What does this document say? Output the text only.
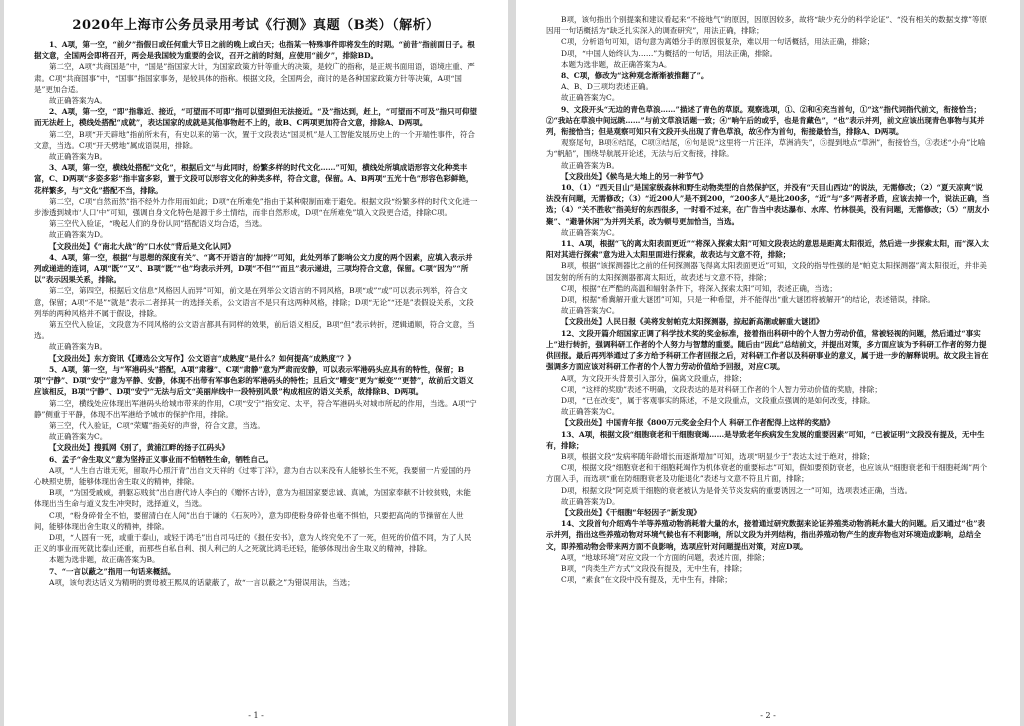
2020年上海市公务员录用考试《行测》真题（B类）（解析）

1、A项，第一空，“前夕”指假日或任何重大节日之前的晚上或白天；也指某一特殊事件即将发生的时期。“前昔”指前面日子。根据文意，全国两会即将召开，两会是我国较为重要的会议，召开之前的时刻，应使用“前夕”，排除BD。

第二空，A项“共商国是”中，“国是”指国家大计，为国家政策方针等重大的决策，是较广的指称，是正规书面用语，语境庄重、严肃。C项“共商国事”中，“国事”指国家事务，是较具体的指称。根据文段，全国两会，商讨的是各种国家政策方针等决策，A项“国是”更加合适。

故正确答案为A。

2、A项，第一空，“即”指靠近、接近，“可望而不可即”指可以望到但无法接近。“及”指达到，赶上，“可望而不可及”指只可仰望而无法赶上，模线处搭配“成就”，表达国家的成就是其他事物赶不上的，故B、C两项更加符合文意，排除A、D两项。

第二空，B项“开天辟地”指前所未有，有史以来的第一次，置于文段表达“国灵机”是人工智能发展历史上的一个开端性事件，符合文意，当选。C项“开天劈地”属成语误用，排除。

故正确答案为B。

3、A项，第一空，横线处搭配“文化”，根据后文“与此同时，纷繁多样的时代文化……”可知，横线处所填成语形容文化种类丰富，C、D两项“多姿多彩”指丰富多彩，置于文段可以形容文化的种类多样，符合文意，保留。A、B两项“五光十色”形容色彩鲜艳，花样繁多，与“文化”搭配不当，排除。

第二空，C项“自然而然”指不经外力作用而如此；D项“在所难免”指由于某种限制而难于避免。根据文段“纷繁多样的时代文化进一步渗透到城市‘人口’中”可知，强调自身文化特色是源于乡土情结，而非自然形成，D项“在所难免”填入文段更合适，排除C项。

第三空代入验证，“晚起人们的身份认同”搭配语义均合适，当选。

故正确答案为D。

【文段出处】《“南北大战”的“口水仗”背后是文化认同》

4、A项，第一空，根据“与思想的深度有关”、“离不开语言的‘加持’”可知，此处列举了影响公文力度的两个因素，应填入表示并列或递进的连词，A项“既”“又”、B项“既”“也”均表示并列，D项“不但”“而且”表示递进，三项均符合文意，保留。C项“因为”“所以”表示因果关系，排除。

第二空，第四空，根据后文信息“风格因人而异”可知，前文是在列举公文语言的不同风格，B项“或”“或”可以表示列举，符合文意，保留；A项“不是”“就是”表示二者择其一的选择关系，公文语言不是只有这两种风格，排除；D项“无论”“还是”表假设关系，文段列举的两种风格并不属于假设，排除。

第五空代入验证，文段意为不同风格的公文语言都具有同样的效果，前后语义相反，B项“但”表示转折，逻辑通顺，符合文意，当选。

故正确答案为B。

【文段出处】东方资讯《【遵选公文写作】公文语言“成熟度”是什么？如何提高“成熟度”？》

5、A项，第一空，与“军港码头”搭配，A项“肃穆”、C项“肃静”意为严肃而安静，可以表示军港码头应具有的特性，保留；B项“宁静”、D项“安宁”意为平静、安静，体现不出带有军事色彩的军港码头的特性；且后文“嘈变”更为“蜕变”“更替”，故前后文语义应该相反，B项“宁静”、D项“安宁”无法与后文“美丽岸线中一段特别风景”构成相应的语义关系，故排除B、D两项。

第二空，横线处应体现出军港码头给城市带来的作用，C项“安宁”指安定、太平，符合军港码头对城市所起的作用，当选。A项“宁静”侧重于平静，体现不出军港给予城市的保护作用，排除。

第三空，代入验证，C项“荣耀”指美好的声誉，符合文意，当选。

故正确答案为C。

【文段出处】搜狐网《别了，黄浦江畔的扬子江码头》

6、孟子“舍生取义”意为坚持正义事业而不怕牺牲生命，牺牲自己。

A项，“人生自古谁无死，留取丹心照汗青”出自文天祥的《过零丁洋》，意为自古以来没有人能够长生不死，我要留一片爱国的丹心映照史册，能够体现出舍生取义的精神，排除。

B项，“为国受戚威，捐躯忘贱贫”出自唐代诗人李白的《赠怀古诗》，意为为祖国家要忠诚、真诚，为国家奉献不计较贫贱，未能体现出当生命与道义发生冲突时，选择道义，当选。

C项，“粉身碎骨全不怕，要留清白在人间”出自于谦的《石灰吟》，意为即使粉身碎骨也毫不惧怕，只要把高尚的节操留在人世间，能够体现出舍生取义的精神，排除。

D项，“人固有一死，或重于泰山，或轻于鸿毛”出自司马迁的《报任安书》，意为人终究免不了一死，但死的价值不同，为了人民正义的事业而死就比泰山还重，而那些自私自利、损人利己的人之死就比鸿毛还轻，能够体现出舍生取义的精神，排除。

本题为选非题，故正确答案为B。

7、“一言以蔽之”指用一句话来概括。

A项，该句表达话义为精明的贾母被王熙凤的话蒙蔽了，故“一言以蔽之”为错误用法，当选；

- 1 -

B项，该句指出个别提案和建议看起来“不接地气”的原因，因原因较多，故将“缺少充分的科学论证”、“没有相关的数据支撑”等原因用一句话概括为“缺乏扎实深入的调查研究”，用法正确，排除；

C项，分析语句可知，语句意为离婚分手的原因很复杂，难以用一句话概括，用法正确，排除；

D项，“中国人始终认为……”为概括的一句话，用法正确，排除。

本题为选非题，故正确答案为A。

8、C项，修改为“这种观念渐渐被推翻了”。

A、B、D三项均表述正确。

故正确答案为C。

9、文段开头“无边的青色草浪……”描述了青色的草原。观察选项，①、②和④充当首句，①“这”指代词指代前文，衔接恰当；②“我站在草浪中间远眺……”与前文草浪话题一致；④“响午后的或乎，也是肯藏色”，“也”表示并列，前文应该出现青色事物与其并列，衔接恰当；但是观察可知只有文段开头出现了青色草浪，故④作为首句，衔接最恰当，排除A、D两项。

观察尾句，B项⑥结尾，C项③结尾，⑥句是说“这里将一片汪洋，草洲消失”，⑤提到地点“草洲”，衔接恰当，③表述“小舟”比喻为“帆船”，围绕导航展开论述，无法与后文衔接，排除。

故正确答案为B。

【文段出处】《候鸟是大地上的另一种节气》

10、（1）“西天目山”是国家级森林和野生动物类型的自然保护区，并没有“天目山西边”的说法，无需修改；（2）“夏天凉爽”说法没有问题，无需修改；（3）“近200人”是不到200，“200多人”是比200多，“近”与“多”两者矛盾，应该去掉一个，说法正确，当选；（4）“关不胜收”指美好的东西很多，一时看不过来，在广告当中表达瀑布、水库、竹林很美，没有问题，无需修改；（5）“朋友小聚”、“避暑休闲”为并列关系，改为顿号更加恰当，当选。

故正确答案为C。

11、A项，根据“飞的离太阳表面更近”“将深入探索太阳”可知文段表达的意思是距离太阳很近，然后进一步探索太阳，而“深入太阳对其进行探索”意为进入太阳里面进行探索，故表达与文意不符，排除；

B项，根据“该探测器比之前的任何探测器飞得离太阳表面更近”可知，文段的指导性强的是“帕克太阳探测器”离太阳很近，并非美国发射的所有的太阳探测器都离太阳近，故表述与文意不符，排除；

C项，根据“在严酷的高温和辐射条件下，将深入探索太阳”可知，表述正确，当选；

D项，根据“希冀解开重大谜团”可知，只是一种希望，并不能得出“重大谜团将被解开”的结论，表述错误，排除。

故正确答案为C。

【文段出处】人民日报《美将发射帕克太阳探测器，掠起新高潮或解重大谜团》

12、文段开篇介绍国家正调了科学技术奖的奖金标准，接着指出科研中的个人智力劳动价值，常被轻视的问题，然后通过“事实上”进行转折，强调科研工作者的个人努力与智慧的重要。随后由“因此”总结前文，并提出对策，多方面应该为予科研工作者的努力提供回报。最后再列举通过了多方给予科研工作者回报之后，对科研工作者以及科研事业的意义，属于进一步的解释说明。故文段主旨在强调多方面应该对科研工作者的个人智力劳动价值给予回报，对应C项。

A项，为文段开头背景引入部分，偏离文段重点，排除；

C项，“这样的奖励”表述不明确，文段表达的是对科研工作者的个人智力劳动价值的奖励，排除；

D项，“已在改变”，属于客观事实的陈述，不是文段重点，文段重点强调的是如何改变，排除。

故正确答案为C。

【文段出处】中国青年报《800万元奖金全归个人 科研工作者配得上这样的奖励》

13、A项，根据文段“细胞衰老和干细胞衰竭……是导致老年疾病发生发展的重要因素”可知，“已被证明”文段没有提及，无中生有，排除；

B项，根据文段“发病率随年龄增长而逐渐增加”可知，选项“明显少于”表达太过于绝对，排除；

C项，根据文段“细胞衰老和干细胞耗竭作为机体衰老的重要标志”可知，假如要预防衰老，也应该从“细胞衰老和干细胞耗竭”两个方面入手，而选项“重在防细胞衰老及功能退化”表述与文意不符且片面，排除；

D项，根据文段“阿克质干细胞的衰老被认为是骨关节炎发病的重要诱因之一”可知，选项表述正确，当选。

故正确答案为D。

【文段出处】《干细胞“年轻因子”新发现》

14、文段首句介绍鸡牛羊等养殖动物消耗着大量的水，接着通过研究数据来论证养殖类动物消耗水量大的问题。后又通过“也”表示并列，指出这些养殖动物对环境气候也有不利影响，所以文段为并列结构，指出养殖动物产生的废弃物也对环境造成影响，总结全文，即养殖动物会带来两方面不良影响，选项应针对问题提出对策，对应D项。

A项，“地球环境”对应文段一个方面的问题，表述片面，排除；

B项，“肉类生产方式”文段没有提及，无中生有，排除；

C项，“素食”在文段中没有提及，无中生有，排除；

- 2 -
